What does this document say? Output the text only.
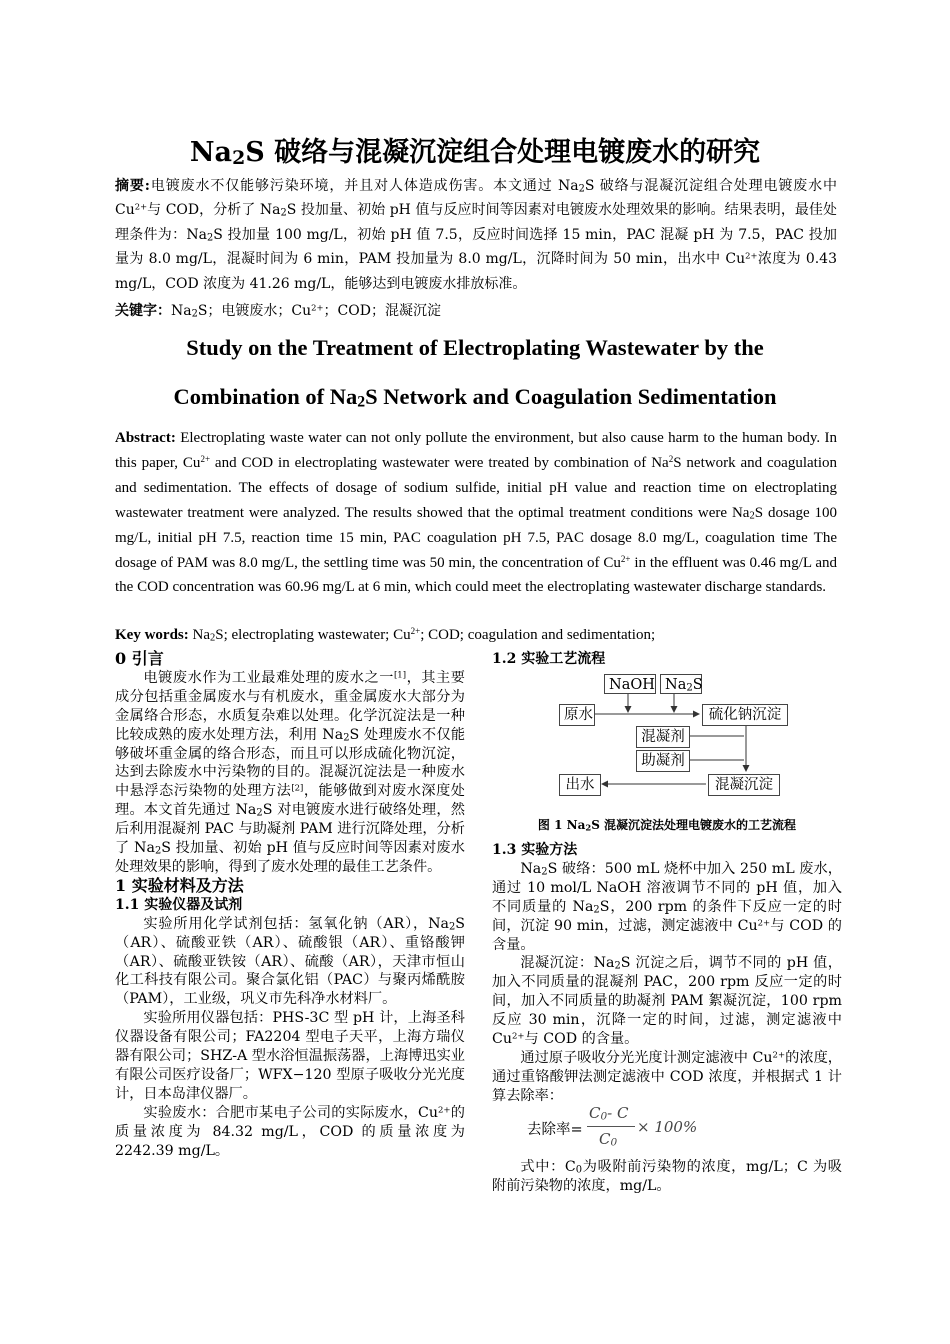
$Na_2S$ 破络与混凝沉淀组合处理电镀废水的研究
摘要:电镀废水不仅能够污染环境，并且对人体造成伤害。本文通过 $Na_2S$ 破络与混凝沉淀组合处理电镀废水中 $Cu^{2+}$与 COD，分析了 $Na_2S$ 投加量、初始 pH 值与反应时间等因素对电镀废水处理效果的影响。结果表明，最佳处理条件为：$Na_2S$ 投加量 100 mg/L，初始 pH 值 7.5，反应时间选择 15 min，PAC 混凝 pH 为 7.5，PAC 投加量为 8.0 mg/L，混凝时间为 6 min，PAM 投加量为 8.0 mg/L，沉降时间为 50 min，出水中 $Cu^{2+}$浓度为 0.43 mg/L，COD 浓度为 41.26 mg/L，能够达到电镀废水排放标准。
关键字：$Na_2S$；电镀废水；$Cu^{2+}$；COD；混凝沉淀
Study on the Treatment of Electroplating Wastewater by the
Combination of $Na_2S$ Network and Coagulation Sedimentation
Abstract: Electroplating waste water can not only pollute the environment, but also cause harm to the human body. In this paper, $Cu^{2+}$ and COD in electroplating wastewater were treated by combination of Na$^2$S network and coagulation and sedimentation. The effects of dosage of sodium sulfide, initial pH value and reaction time on electroplating wastewater treatment were analyzed. The results showed that the optimal treatment conditions were $Na_2S$ dosage 100 mg/L, initial pH 7.5, reaction time 15 min, PAC coagulation pH 7.5, PAC dosage 8.0 mg/L, coagulation time The dosage of PAM was 8.0 mg/L, the settling time was 50 min, the concentration of $Cu^{2+}$ in the effluent was 0.46 mg/L and the COD concentration was 60.96 mg/L at 6 min, which could meet the electroplating wastewater discharge standards.
Key words: $Na_2S$; electroplating wastewater; $Cu^{2+}$; COD; coagulation and sedimentation;
0 引言

电镀废水作为工业最难处理的废水之一[1]，其主要成分包括重金属废水与有机废水，重金属废水大部分为金属络合形态，水质复杂难以处理。化学沉淀法是一种比较成熟的废水处理方法，利用 $Na_2S$ 处理废水不仅能够破坏重金属的络合形态，而且可以形成硫化物沉淀，达到去除废水中污染物的目的。混凝沉淀法是一种废水中悬浮态污染物的处理方法[2]，能够做到对废水深度处理。本文首先通过 $Na_2S$ 对电镀废水进行破络处理，然后利用混凝剂 PAC 与助凝剂 PAM 进行沉降处理，分析了 $Na_2S$ 投加量、初始 pH 值与反应时间等因素对废水处理效果的影响，得到了废水处理的最佳工艺条件。

1 实验材料及方法
1.1 实验仪器及试剂

实验所用化学试剂包括：氢氧化钠（AR），$Na_2S(AR)$、硫酸亚铁（AR）、硫酸银（AR）、重铬酸钾（AR）、硫酸亚铁铵（AR）、硫酸（AR），天津市恒山化工科技有限公司。聚合氯化铝（PAC）与聚丙烯酰胺（PAM），工业级，巩义市先科净水材料厂。

实验所用仪器包括：PHS-3C 型 pH 计，上海圣科仪器设备有限公司；FA2204 型电子天平，上海方瑞仪器有限公司；SHZ-A 型水浴恒温振荡器，上海博迅实业有限公司医疗设备厂；WFX−120 型原子吸收分光光度计，日本岛津仪器厂。

实验废水：合肥市某电子公司的实际废水，$Cu^{2+}$的质量浓度为 84.32 mg/L，COD 的质量浓度为 2242.39 mg/L。

1.2 实验工艺流程
NaOH $Na_2S$
原水	硫化钠沉淀
混凝剂
助凝剂
出水	混凝沉淀
图 1 $Na_2S$ 混凝沉淀法处理电镀废水的工艺流程
1.3 实验方法

$Na_2S$ 破络：500 mL 烧杯中加入 250 mL 废水，通过 10 mol/L NaOH 溶液调节不同的 pH 值，加入不同质量的 $Na_2S$，200 rpm 的条件下反应一定的时间，沉淀 90 min，过滤，测定滤液中 $Cu^{2+}$与 COD 的含量。

混凝沉淀：$Na_2S$ 沉淀之后，调节不同的 pH 值，加入不同质量的混凝剂 PAC，200 rpm 反应一定的时间，加入不同质量的助凝剂 PAM 絮凝沉淀，100 rpm 反应 30 min，沉降一定的时间，过滤，测定滤液中 $Cu^{2+}$与 COD 的含量。

通过原子吸收分光光度计测定滤液中 $Cu^{2+}$的浓度，通过重铬酸钾法测定滤液中 COD 浓度，并根据式 1 计算去除率：

去除率=
$C_0-$ C
$C_0$
× 100%

式中：$C_0$为吸附前污染物的浓度，mg/L；C 为吸附前污染物的浓度，mg/L。
